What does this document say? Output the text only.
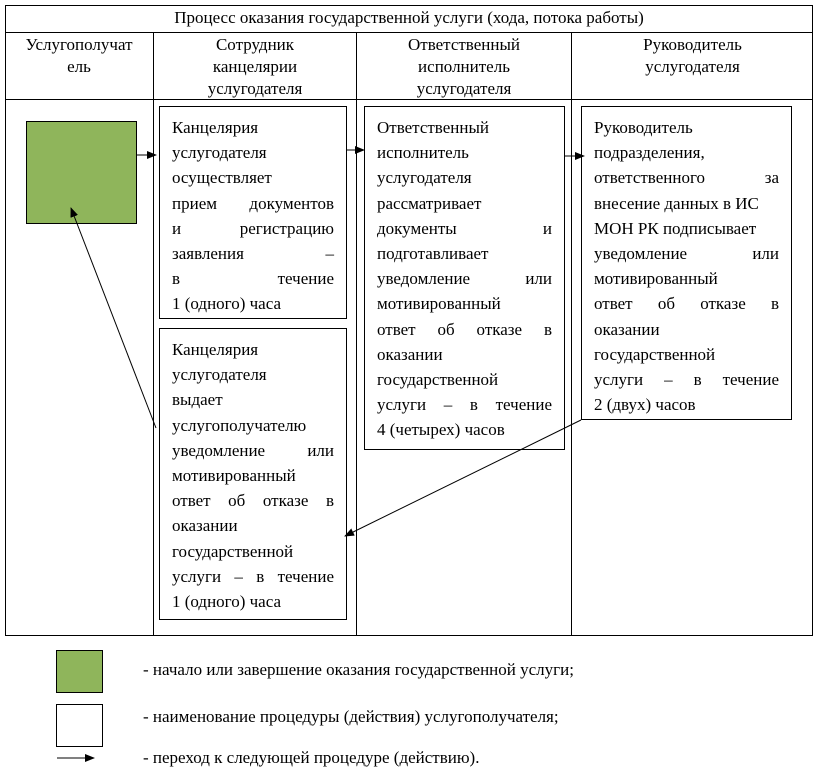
Процесс оказания государственной услуги (хода, потока работы)
Услугополучат
ель
Сотрудник
канцелярии
услугодателя
Ответственный
исполнитель
услугодателя
Руководитель
услугодателя
Канцелярия
услугодателя
осуществляет
прием документов
и регистрацию
заявления –
в течение
1 (одного) часа
Ответственный
исполнитель
услугодателя
рассматривает
документы и
подготавливает
уведомление или
мотивированный
ответ об отказе в
оказании
государственной
услуги – в течение
4 (четырех) часов
Руководитель
подразделения,
ответственного за
внесение данных в ИС
МОН РК подписывает
уведомление или
мотивированный
ответ об отказе в
оказании
государственной
услуги – в течение
2 (двух) часов
Канцелярия
услугодателя
выдает
услугополучателю
уведомление или
мотивированный
ответ об отказе в
оказании
государственной
услуги – в течение
1 (одного) часа
- начало или завершение оказания государственной услуги;
- наименование процедуры (действия) услугополучателя;
- переход к следующей процедуре (действию).
